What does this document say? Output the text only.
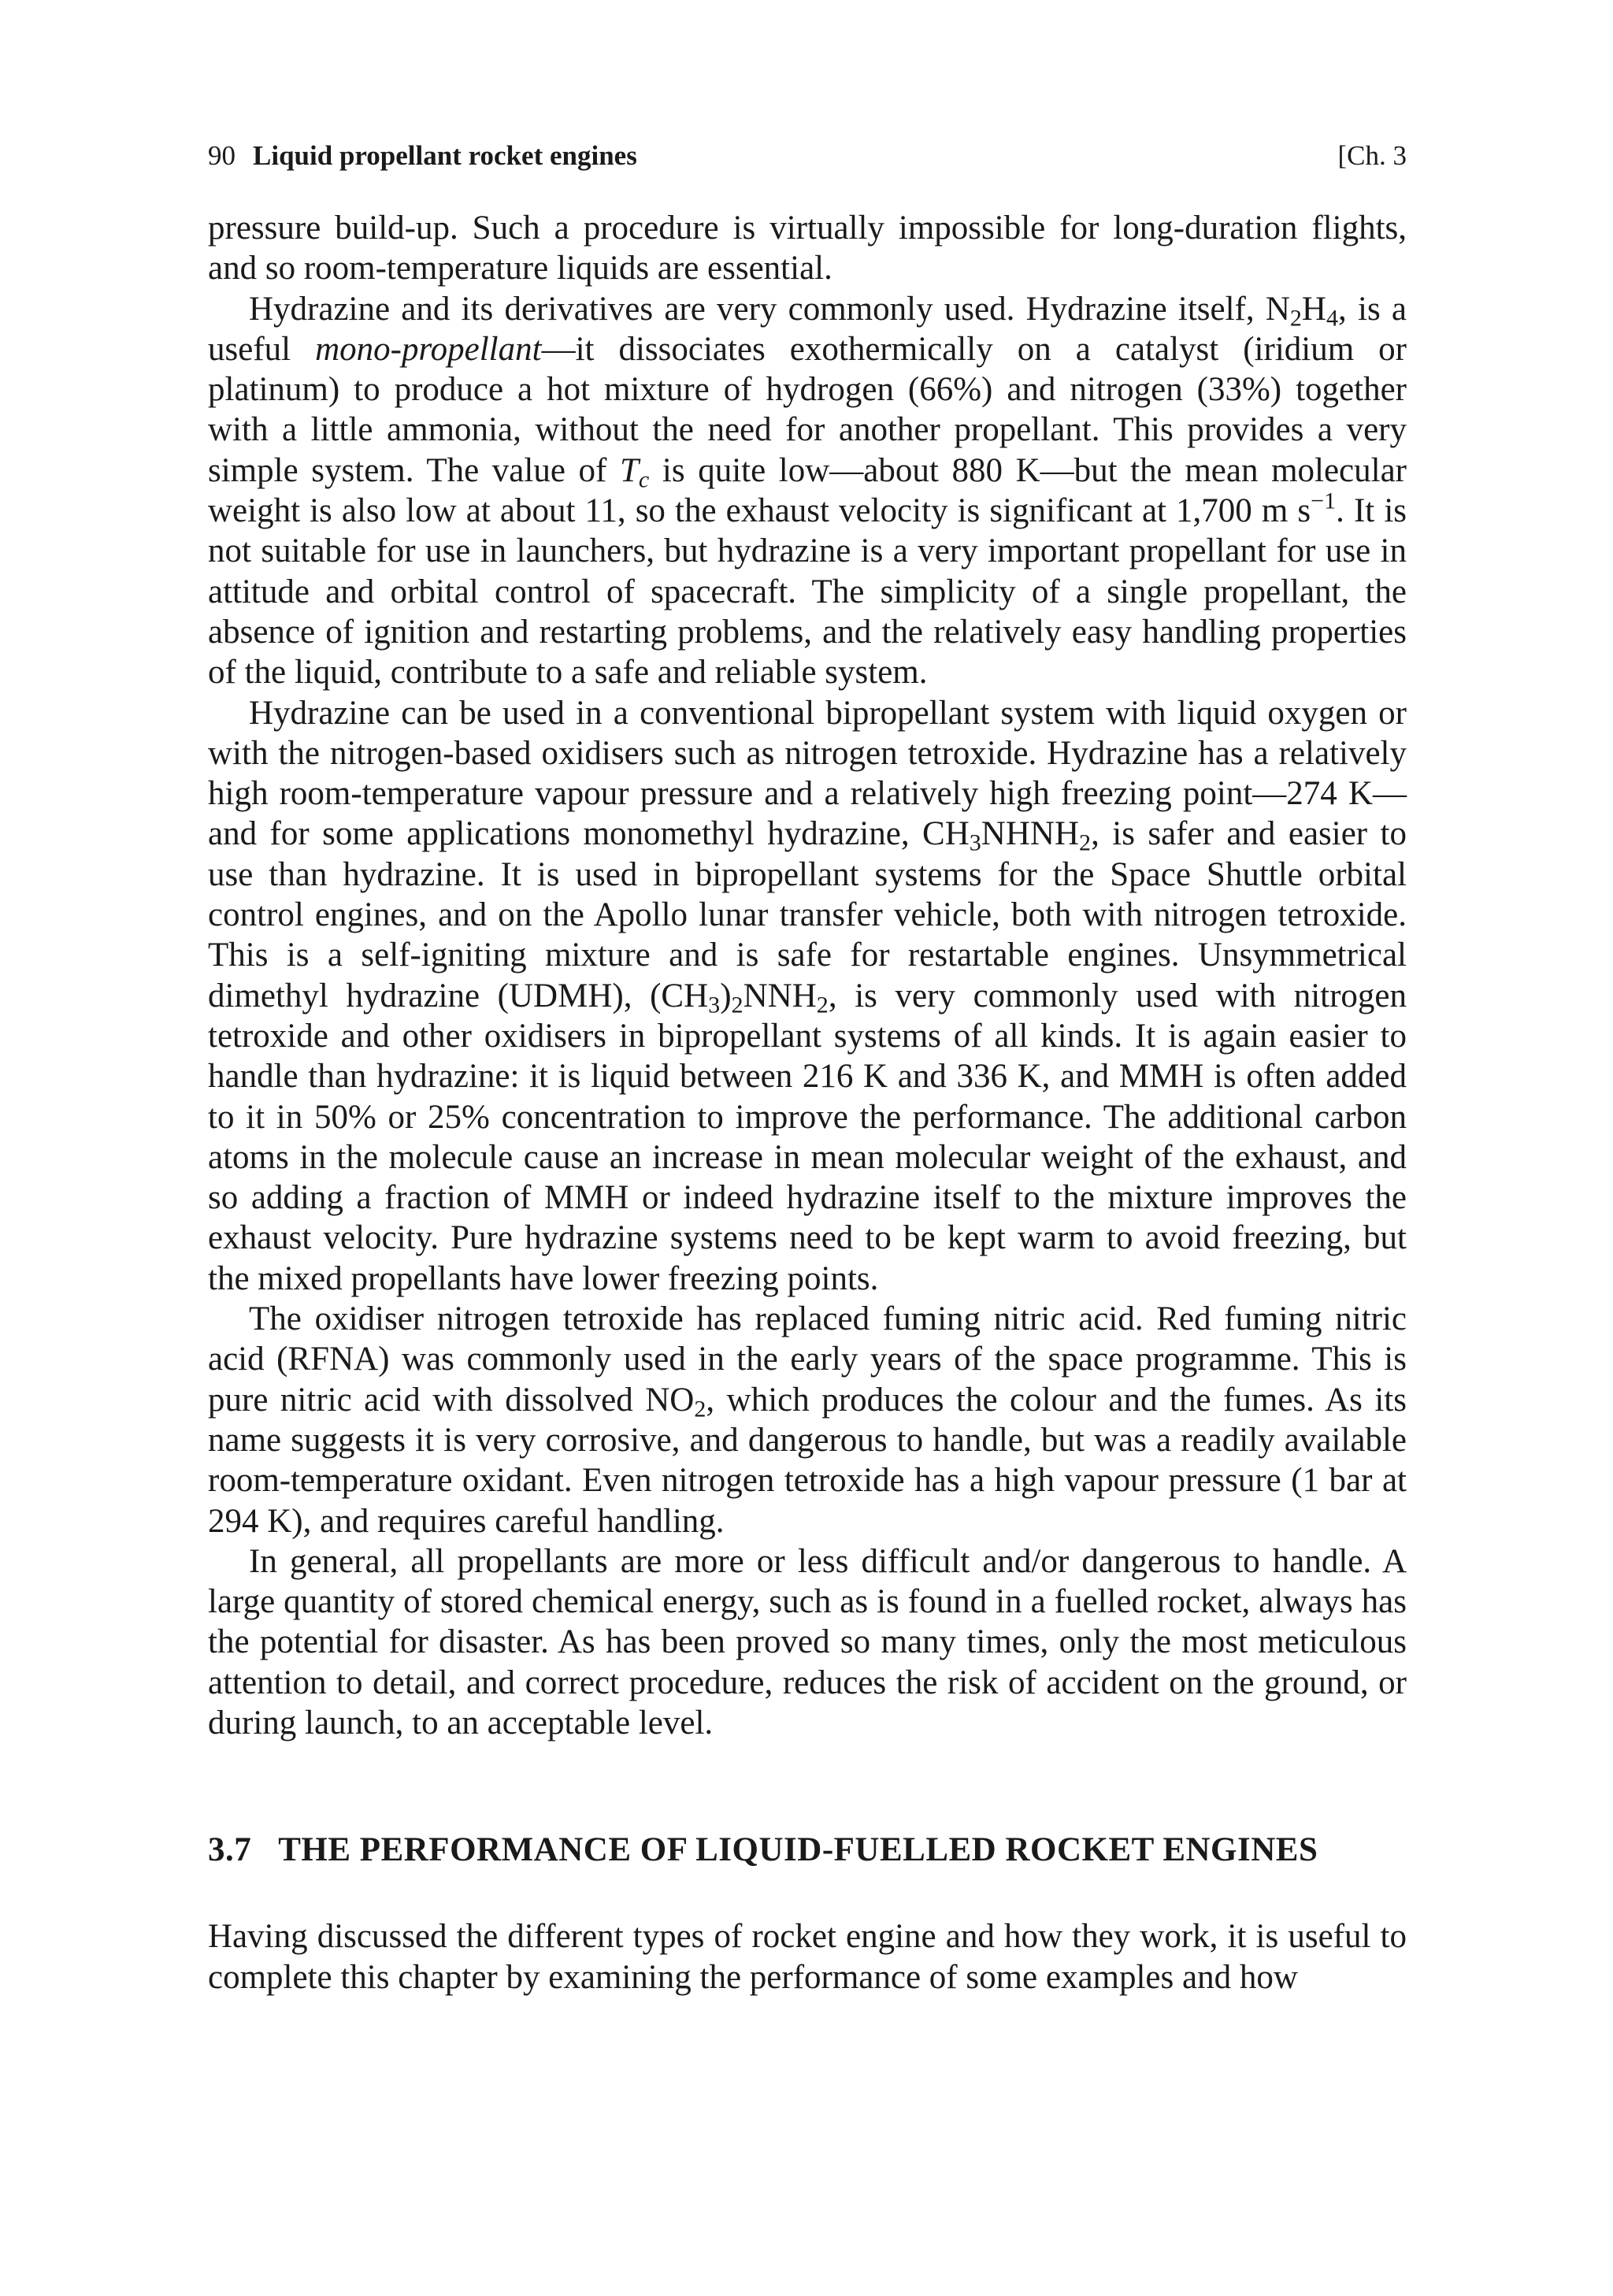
90 Liquid propellant rocket engines	[Ch. 3

pressure build-up. Such a procedure is virtually impossible for long-duration flights, and so room-temperature liquids are essential.

Hydrazine and its derivatives are very commonly used. Hydrazine itself, $N_2H_4$, is a useful mono-propellant—it dissociates exothermically on a catalyst (iridium or platinum) to produce a hot mixture of hydrogen (66%) and nitrogen (33%) together with a little ammonia, without the need for another propellant. This provides a very simple system. The value of $T_c$ is quite low—about 880 K—but the mean molecular weight is also low at about 11, so the exhaust velocity is significant at 1,700 m $s^{-1}$. It is not suitable for use in launchers, but hydrazine is a very important propellant for use in attitude and orbital control of spacecraft. The simplicity of a single propellant, the absence of ignition and restarting problems, and the relatively easy handling properties of the liquid, contribute to a safe and reliable system.

Hydrazine can be used in a conventional bipropellant system with liquid oxygen or with the nitrogen-based oxidisers such as nitrogen tetroxide. Hydrazine has a relatively high room-temperature vapour pressure and a relatively high freezing point—274 K—and for some applications monomethyl hydrazine, $CH_3NHNH_2$, is safer and easier to use than hydrazine. It is used in bipropellant systems for the Space Shuttle orbital control engines, and on the Apollo lunar transfer vehicle, both with nitrogen tetroxide. This is a self-igniting mixture and is safe for restartable engines. Unsymmetrical dimethyl hydrazine (UDMH), $(CH_3)_2NNH_2$, is very commonly used with nitrogen tetroxide and other oxidisers in bipropellant systems of all kinds. It is again easier to handle than hydrazine: it is liquid between 216 K and 336 K, and MMH is often added to it in 50% or 25% concentration to improve the performance. The additional carbon atoms in the molecule cause an increase in mean molecular weight of the exhaust, and so adding a fraction of MMH or indeed hydrazine itself to the mixture improves the exhaust velocity. Pure hydrazine systems need to be kept warm to avoid freezing, but the mixed propellants have lower freezing points.

The oxidiser nitrogen tetroxide has replaced fuming nitric acid. Red fuming nitric acid (RFNA) was commonly used in the early years of the space programme. This is pure nitric acid with dissolved $NO_2$, which produces the colour and the fumes. As its name suggests it is very corrosive, and dangerous to handle, but was a readily available room-temperature oxidant. Even nitrogen tetroxide has a high vapour pressure (1 bar at 294 K), and requires careful handling.

In general, all propellants are more or less difficult and/or dangerous to handle. A large quantity of stored chemical energy, such as is found in a fuelled rocket, always has the potential for disaster. As has been proved so many times, only the most meticulous attention to detail, and correct procedure, reduces the risk of accident on the ground, or during launch, to an acceptable level.

3.7 THE PERFORMANCE OF LIQUID-FUELLED ROCKET ENGINES

Having discussed the different types of rocket engine and how they work, it is useful to complete this chapter by examining the performance of some examples and how
